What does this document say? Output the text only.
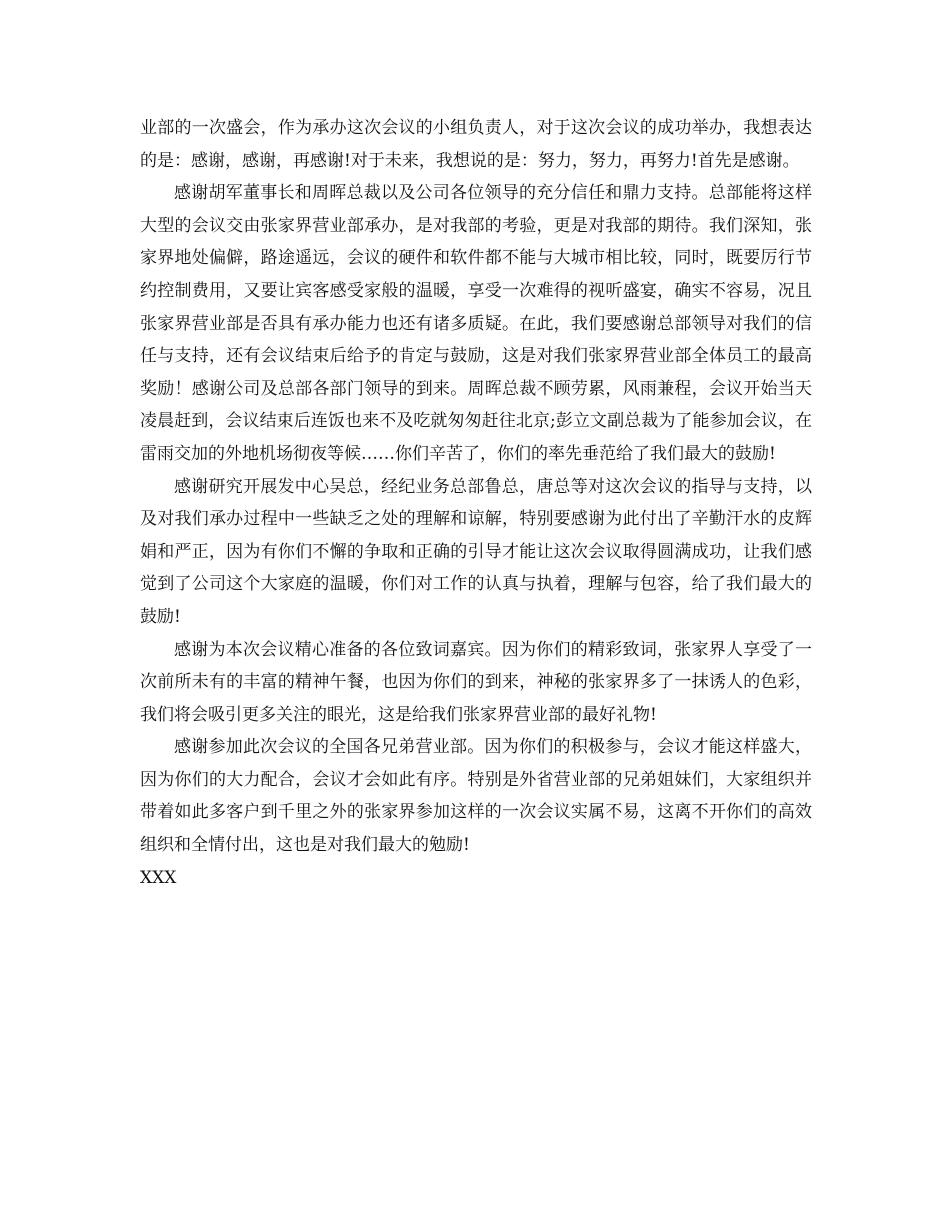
业部的一次盛会，作为承办这次会议的小组负责人，对于这次会议的成功举办，我想表达的是：感谢，感谢，再感谢!对于未来，我想说的是：努力，努力，再努力!首先是感谢。

感谢胡军董事长和周晖总裁以及公司各位领导的充分信任和鼎力支持。总部能将这样大型的会议交由张家界营业部承办，是对我部的考验，更是对我部的期待。我们深知，张家界地处偏僻，路途遥远，会议的硬件和软件都不能与大城市相比较，同时，既要厉行节约控制费用，又要让宾客感受家般的温暖，享受一次难得的视听盛宴，确实不容易，况且张家界营业部是否具有承办能力也还有诸多质疑。在此，我们要感谢总部领导对我们的信任与支持，还有会议结束后给予的肯定与鼓励，这是对我们张家界营业部全体员工的最高奖励！感谢公司及总部各部门领导的到来。周晖总裁不顾劳累，风雨兼程，会议开始当天凌晨赶到，会议结束后连饭也来不及吃就匆匆赶往北京;彭立文副总裁为了能参加会议，在雷雨交加的外地机场彻夜等候……你们辛苦了，你们的率先垂范给了我们最大的鼓励!

感谢研究开展发中心吴总，经纪业务总部鲁总，唐总等对这次会议的指导与支持，以及对我们承办过程中一些缺乏之处的理解和谅解，特别要感谢为此付出了辛勤汗水的皮辉娟和严正，因为有你们不懈的争取和正确的引导才能让这次会议取得圆满成功，让我们感觉到了公司这个大家庭的温暖，你们对工作的认真与执着，理解与包容，给了我们最大的鼓励!

感谢为本次会议精心准备的各位致词嘉宾。因为你们的精彩致词，张家界人享受了一次前所未有的丰富的精神午餐，也因为你们的到来，神秘的张家界多了一抹诱人的色彩，我们将会吸引更多关注的眼光，这是给我们张家界营业部的最好礼物!

感谢参加此次会议的全国各兄弟营业部。因为你们的积极参与，会议才能这样盛大，因为你们的大力配合，会议才会如此有序。特别是外省营业部的兄弟姐妹们，大家组织并带着如此多客户到千里之外的张家界参加这样的一次会议实属不易，这离不开你们的高效组织和全情付出，这也是对我们最大的勉励!

XXX
